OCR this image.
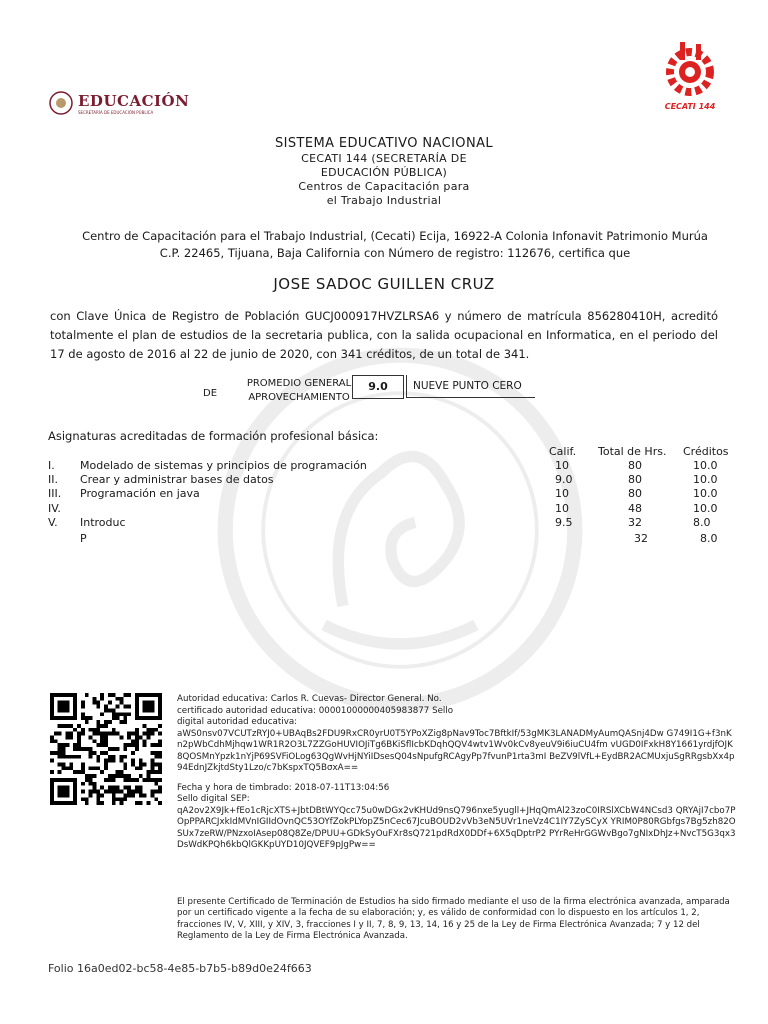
EDUCACIÓN
SECRETARÍA DE EDUCACIÓN PÚBLICA
CECATI 144
SISTEMA EDUCATIVO NACIONAL
CECATI 144 (SECRETARÍA DE
EDUCACIÓN PÚBLICA)
Centros de Capacitación para
el Trabajo Industrial
Centro de Capacitación para el Trabajo Industrial, (Cecati) Ecija, 16922-A Colonia Infonavit Patrimonio Murúa
C.P. 22465, Tijuana, Baja California con Número de registro: 112676, certifica que
JOSE SADOC GUILLEN CRUZ
con Clave Única de Registro de Población GUCJ000917HVZLRSA6 y número de matrícula 856280410H, acreditó totalmente el plan de estudios de la secretaria publica, con la salida ocupacional en Informatica, en el periodo del 17 de agosto de 2016 al 22 de junio de 2020, con 341 créditos, de un total de 341.
DE
PROMEDIO GENERAL
APROVECHAMIENTO
9.0	NUEVE PUNTO CERO
Asignaturas acreditadas de formación profesional básica:
Calif. Total de Hrs. Créditos
I. Modelado de sistemas y principios de programación	10	80	10.0
II. Crear y administrar bases de datos	9.0	80	10.0
III. Programación en java	10	80	10.0
IV.	10	48	10.0
V. Introduc	9.5	32	8.0
P	32	8.0
Autoridad educativa: Carlos R. Cuevas- Director General. No.
certificado autoridad educativa: 00001000000405983877 Sello
digital autoridad educativa:
aWS0nsv07VCUTzRYJ0+UBAqBs2FDU9RxCR0yrU0T5YPoXZig8pNav9Toc7BftkIf/53gMK3LANADMyAumQASnj4Dw G749I1G+f3nKn2pWbCdhMjhqw1WR1R2O3L7ZZGoHUVIOJiTg6BKiSflIcbKDqhQQV4wtv1Wv0kCv8yeuV9i6iuCU4fm vUGD0IFxkH8Y1661yrdjfOJK8QOSMnYpzk1nYjP69SVFiOLog63QgWvHjNYiIDsesQ04sNpufgRCAgyPp7fvunP1rta3mI BeZV9lVfL+EydBR2ACMUxjuSgRRgsbXx4p94EdnJZkjtdSty1Lzo/c7bKspxTQ5BσxA==
Fecha y hora de timbrado: 2018-07-11T13:04:56
Sello digital SEP:
qA2ov2X9Jk+fEo1cRjcXTS+JbtDBtWYQcc75u0wDGx2vKHUd9nsQ796nxe5yugll+JHqQmAl23zoC0IRSlXCbW4NCsd3 QRYAjI7cbo7POpPPARCJxkIdMVnIGIIdOvnQC53OYfZokPLYopZ5nCec67JcuBOUD2vVb3eN5UVr1neVz4C1IY7ZySCyX YRIM0P80RGbfgs7Bg5zh82OSUx7zeRW/PNzxoIAsep08Q8Ze/DPUU+GDkSyOuFXr8sQ721pdRdX0DDf+6X5qDptrP2 PYrReHrGGWvBgo7gNIxDhJz+NvcT5G3qx3DsWdKPQh6kbQlGKKpUYD10JQVEF9pJgPw==
El presente Certificado de Terminación de Estudios ha sido firmado mediante el uso de la firma electrónica avanzada, amparada por un certificado vigente a la fecha de su elaboración; y, es válido de conformidad con lo dispuesto en los artículos 1, 2, fracciones IV, V, XIII, y XIV, 3, fracciones I y II, 7, 8, 9, 13, 14, 16 y 25 de la Ley de Firma Electrónica Avanzada; 7 y 12 del Reglamento de la Ley de Firma Electrónica Avanzada.
Folio 16a0ed02-bc58-4e85-b7b5-b89d0e24f663
